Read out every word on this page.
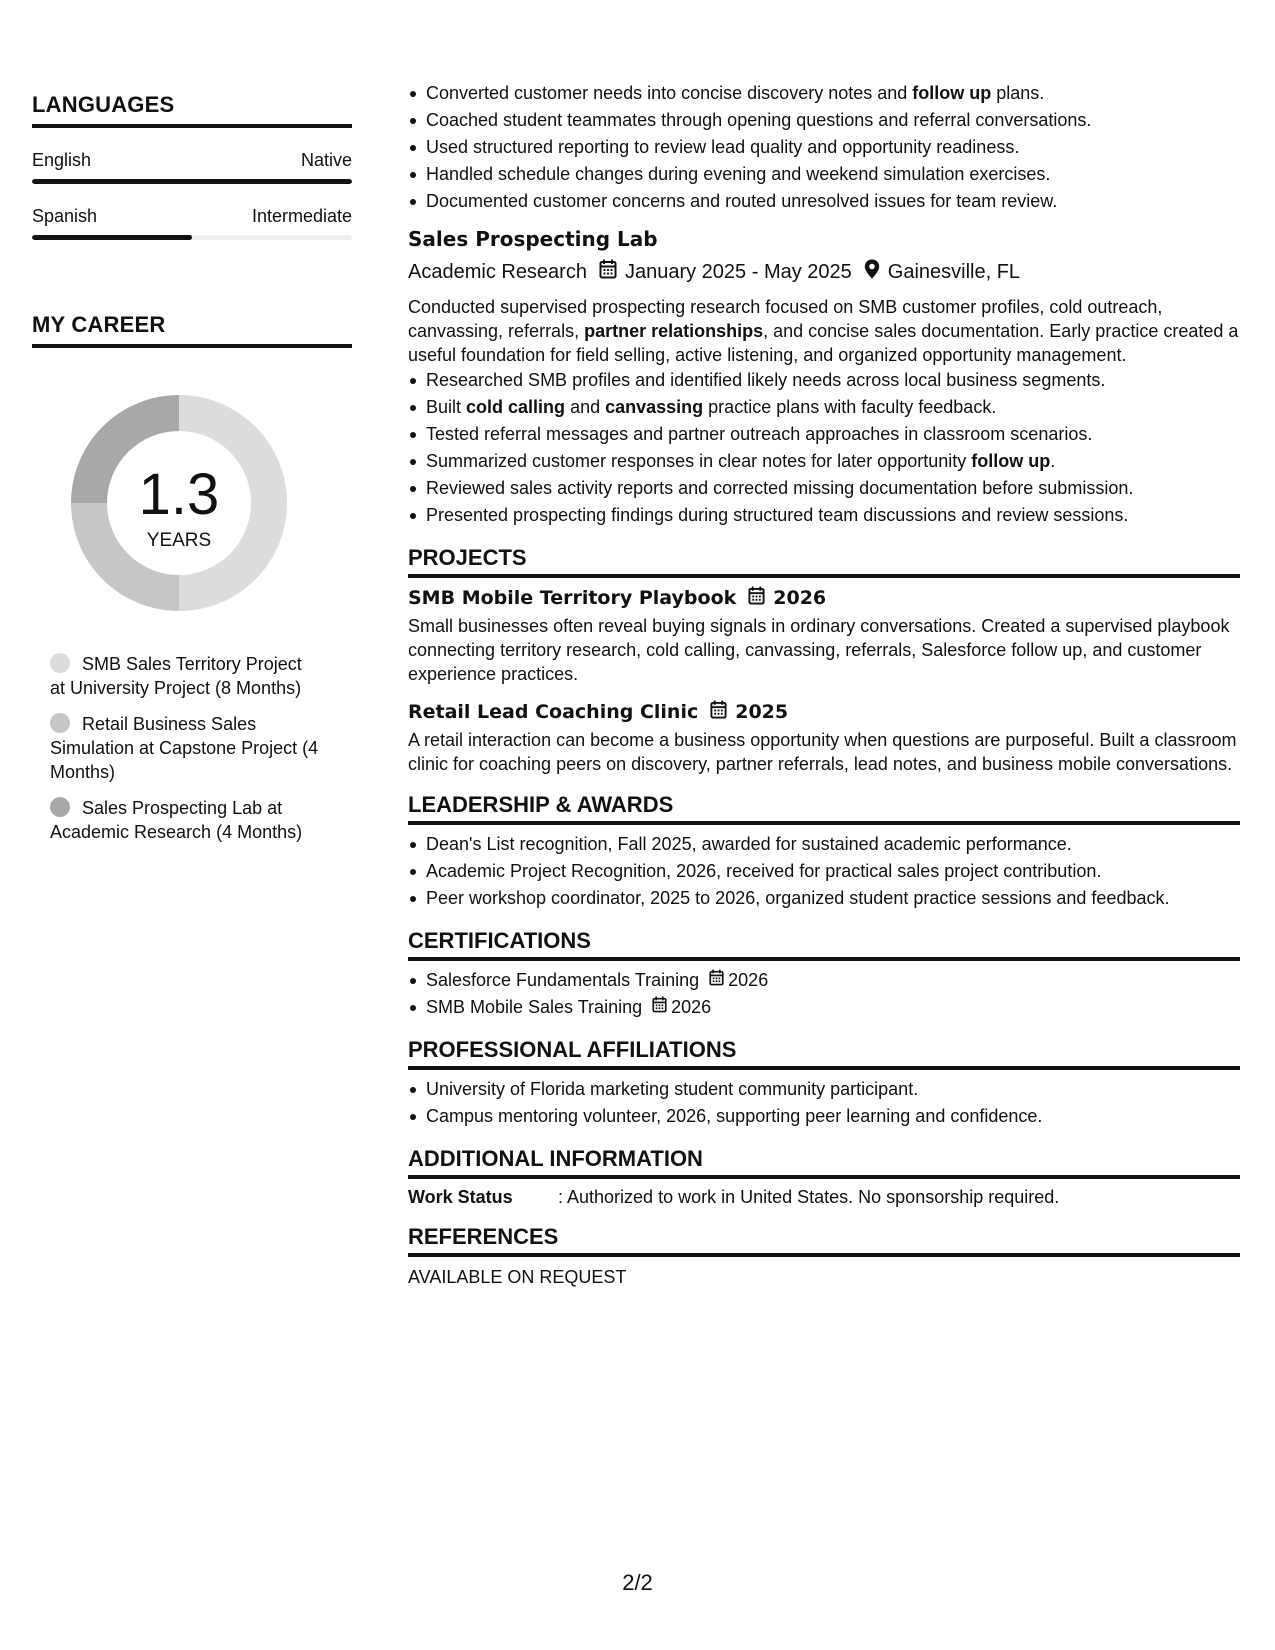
LANGUAGES
English	Native
Spanish	Intermediate
MY CAREER
1.3
YEARS
SMB Sales Territory Project at University Project (8 Months)
Retail Business Sales Simulation at Capstone Project (4 Months)
Sales Prospecting Lab at Academic Research (4 Months)
Converted customer needs into concise discovery notes and follow up plans.
Coached student teammates through opening questions and referral conversations.
Used structured reporting to review lead quality and opportunity readiness.
Handled schedule changes during evening and weekend simulation exercises.
Documented customer concerns and routed unresolved issues for team review.
Sales Prospecting Lab
Academic Research January 2025 - May 2025 Gainesville, FL
Conducted supervised prospecting research focused on SMB customer profiles, cold outreach, canvassing, referrals, partner relationships, and concise sales documentation. Early practice created a useful foundation for field selling, active listening, and organized opportunity management.
Researched SMB profiles and identified likely needs across local business segments.
Built cold calling and canvassing practice plans with faculty feedback.
Tested referral messages and partner outreach approaches in classroom scenarios.
Summarized customer responses in clear notes for later opportunity follow up.
Reviewed sales activity reports and corrected missing documentation before submission.
Presented prospecting findings during structured team discussions and review sessions.
PROJECTS
SMB Mobile Territory Playbook 2026
Small businesses often reveal buying signals in ordinary conversations. Created a supervised playbook connecting territory research, cold calling, canvassing, referrals, Salesforce follow up, and customer experience practices.
Retail Lead Coaching Clinic 2025
A retail interaction can become a business opportunity when questions are purposeful. Built a classroom clinic for coaching peers on discovery, partner referrals, lead notes, and business mobile conversations.
LEADERSHIP & AWARDS
Dean's List recognition, Fall 2025, awarded for sustained academic performance.
Academic Project Recognition, 2026, received for practical sales project contribution.
Peer workshop coordinator, 2025 to 2026, organized student practice sessions and feedback.
CERTIFICATIONS
Salesforce Fundamentals Training 2026
SMB Mobile Sales Training 2026
PROFESSIONAL AFFILIATIONS
University of Florida marketing student community participant.
Campus mentoring volunteer, 2026, supporting peer learning and confidence.
ADDITIONAL INFORMATION
Work Status	: Authorized to work in United States. No sponsorship required.
REFERENCES
AVAILABLE ON REQUEST
2/2
